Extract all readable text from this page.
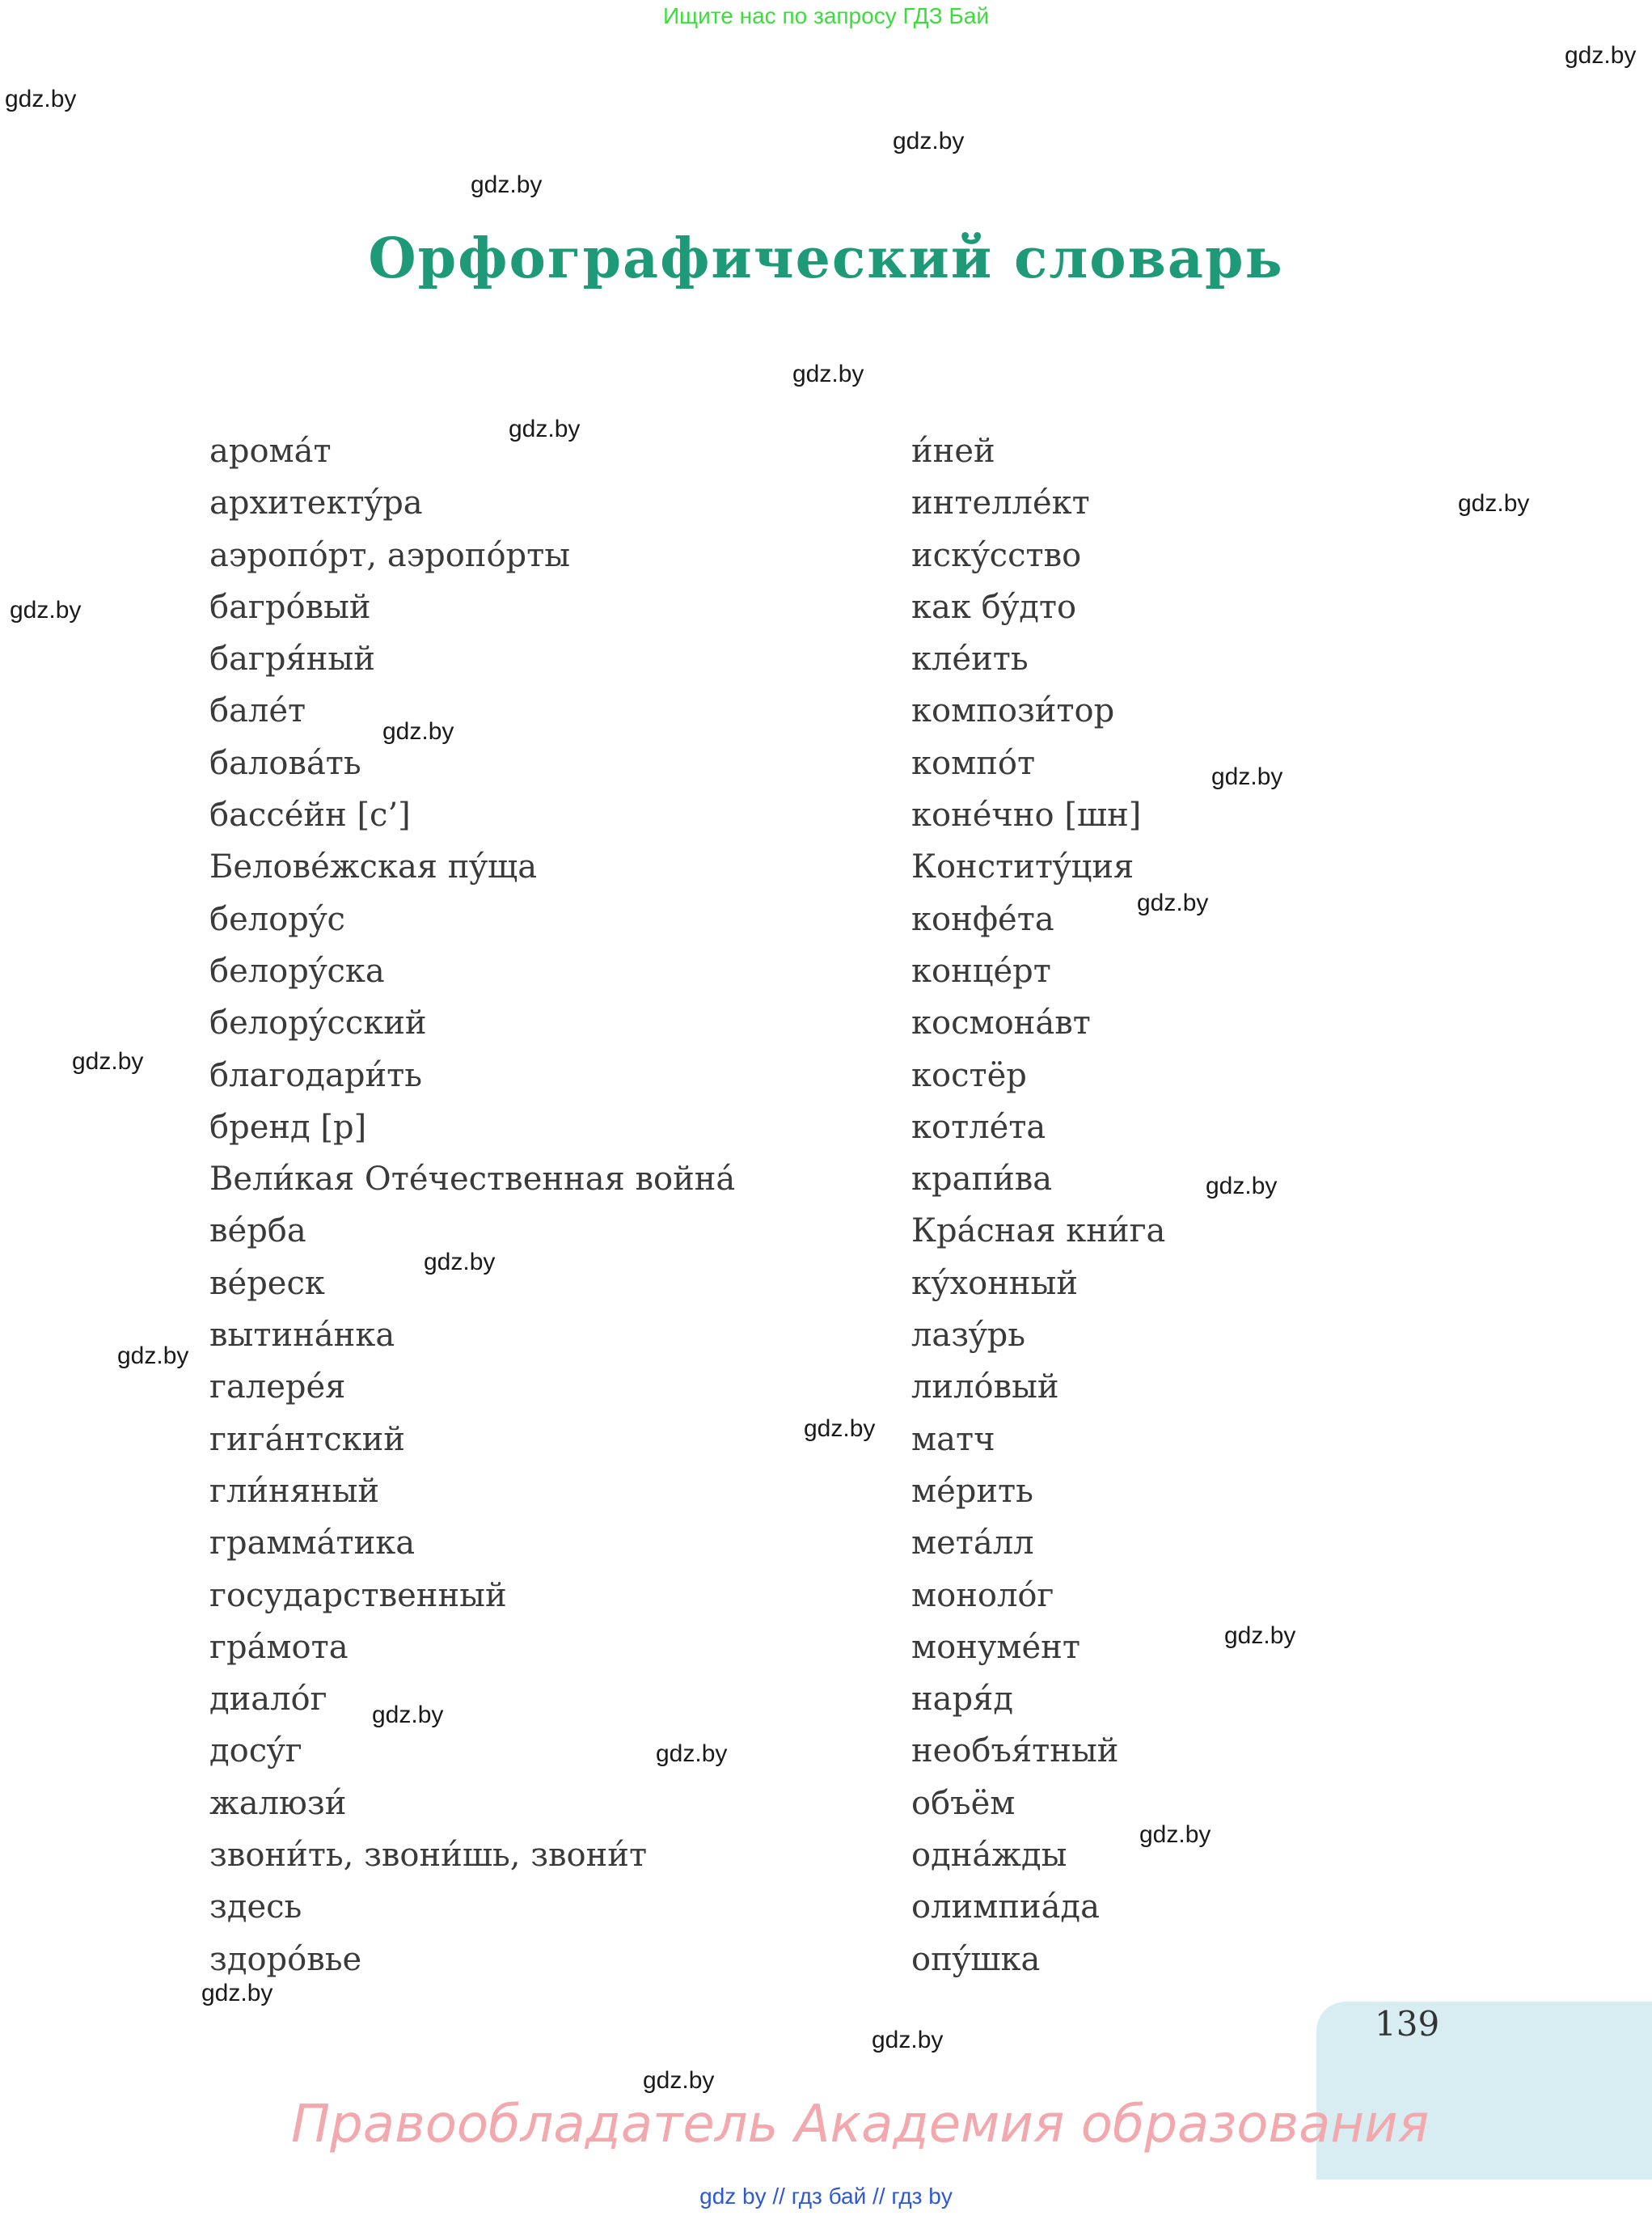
Ищите нас по запросу ГДЗ Бай
gdz.by
gdz.by
gdz.by
gdz.by
gdz.by
gdz.by
gdz.by
gdz.by
gdz.by
gdz.by
gdz.by
gdz.by
gdz.by
gdz.by
gdz.by
gdz.by
gdz.by
gdz.by
gdz.by
gdz.by
gdz.by
gdz.by
gdz.by
Орфографический словарь
аромáт
архитектýра
аэропóрт, аэропóрты
багрóвый
багря́ный
балéт
баловáть
бассéйн [с’]
Беловéжская пýща
белорýс
белорýска
белорýсский
благодари́ть
бренд [р]
Вели́кая Отéчественная войнá
вéрба
вéреск
вытинáнка
галерéя
гигáнтский
гли́няный
граммáтика
государственный
грáмота
диалóг
досýг
жалюзи́
звони́ть, звони́шь, звони́т
здесь
здорóвье
и́ней
интеллéкт
искýсство
как бýдто
клéить
компози́тор
компóт
конéчно [шн]
Конститýция
конфéта
концéрт
космонáвт
костёр
котлéта
крапи́ва
Крáсная кни́га
кýхонный
лазýрь
лилóвый
матч
мéрить
метáлл
монолóг
монумéнт
наря́д
необъя́тный
объём
однáжды
олимпиáда
опýшка
139
Правообладатель Академия образования
gdz by // гдз бай // гдз by
